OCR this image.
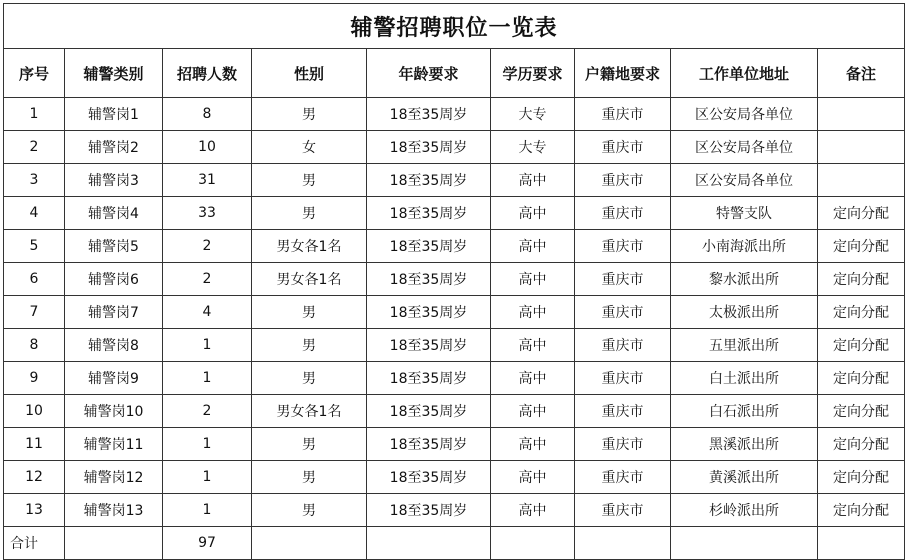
辅警招聘职位一览表								
序号	辅警类别	招聘人数	性别	年龄要求	学历要求	户籍地要求	工作单位地址	备注
1	辅警岗1	8	男	18至35周岁	大专	重庆市	区公安局各单位	
2	辅警岗2	10	女	18至35周岁	大专	重庆市	区公安局各单位	
3	辅警岗3	31	男	18至35周岁	高中	重庆市	区公安局各单位	
4	辅警岗4	33	男	18至35周岁	高中	重庆市	特警支队	定向分配
5	辅警岗5	2	男女各1名	18至35周岁	高中	重庆市	小南海派出所	定向分配
6	辅警岗6	2	男女各1名	18至35周岁	高中	重庆市	黎水派出所	定向分配
7	辅警岗7	4	男	18至35周岁	高中	重庆市	太极派出所	定向分配
8	辅警岗8	1	男	18至35周岁	高中	重庆市	五里派出所	定向分配
9	辅警岗9	1	男	18至35周岁	高中	重庆市	白土派出所	定向分配
10	辅警岗10	2	男女各1名	18至35周岁	高中	重庆市	白石派出所	定向分配
11	辅警岗11	1	男	18至35周岁	高中	重庆市	黑溪派出所	定向分配
12	辅警岗12	1	男	18至35周岁	高中	重庆市	黄溪派出所	定向分配
13	辅警岗13	1	男	18至35周岁	高中	重庆市	杉岭派出所	定向分配
合计		97						
